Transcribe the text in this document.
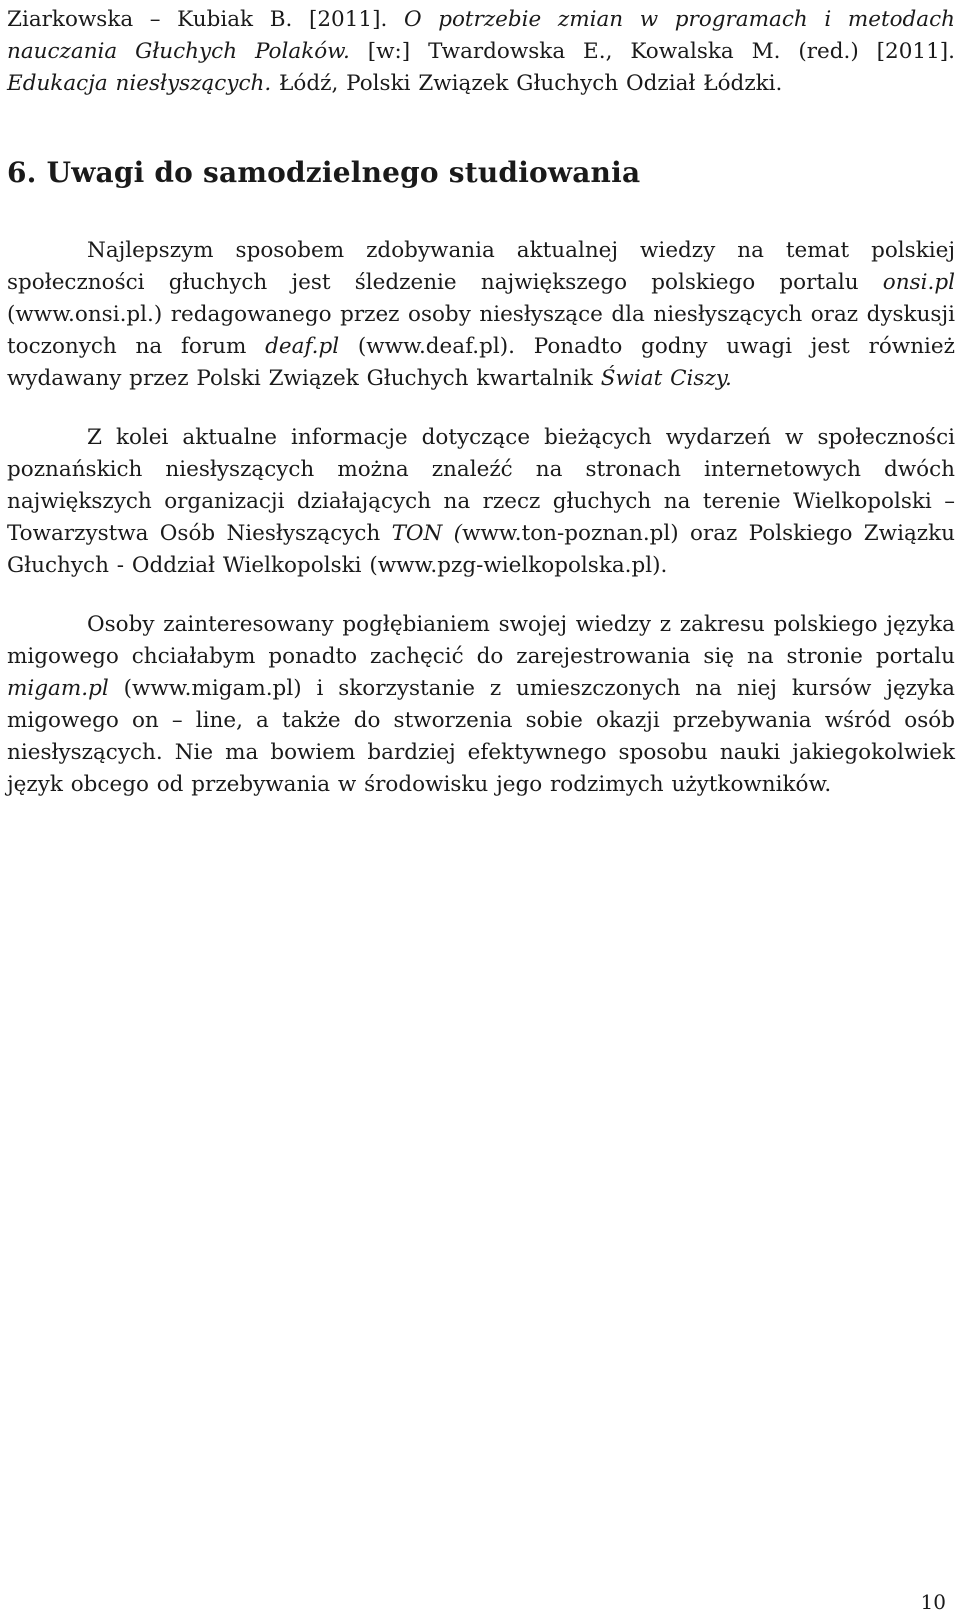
Ziarkowska – Kubiak B. [2011]. O potrzebie zmian w programach i metodach nauczania Głuchych Polaków. [w:] Twardowska E., Kowalska M. (red.) [2011]. Edukacja niesłyszących. Łódź, Polski Związek Głuchych Odział Łódzki.

6. Uwagi do samodzielnego studiowania

Najlepszym sposobem zdobywania aktualnej wiedzy na temat polskiej społeczności głuchych jest śledzenie największego polskiego portalu onsi.pl (www.onsi.pl.) redagowanego przez osoby niesłyszące dla niesłyszących oraz dyskusji toczonych na forum deaf.pl (www.deaf.pl). Ponadto godny uwagi jest również wydawany przez Polski Związek Głuchych kwartalnik Świat Ciszy.

Z kolei aktualne informacje dotyczące bieżących wydarzeń w społeczności poznańskich niesłyszących można znaleźć na stronach internetowych dwóch największych organizacji działających na rzecz głuchych na terenie Wielkopolski – Towarzystwa Osób Niesłyszących TON (www.ton-poznan.pl) oraz Polskiego Związku Głuchych - Oddział Wielkopolski (www.pzg-wielkopolska.pl).

Osoby zainteresowany pogłębianiem swojej wiedzy z zakresu polskiego języka migowego chciałabym ponadto zachęcić do zarejestrowania się na stronie portalu migam.pl (www.migam.pl) i skorzystanie z umieszczonych na niej kursów języka migowego on – line, a także do stworzenia sobie okazji przebywania wśród osób niesłyszących. Nie ma bowiem bardziej efektywnego sposobu nauki jakiegokolwiek język obcego od przebywania w środowisku jego rodzimych użytkowników.

10
